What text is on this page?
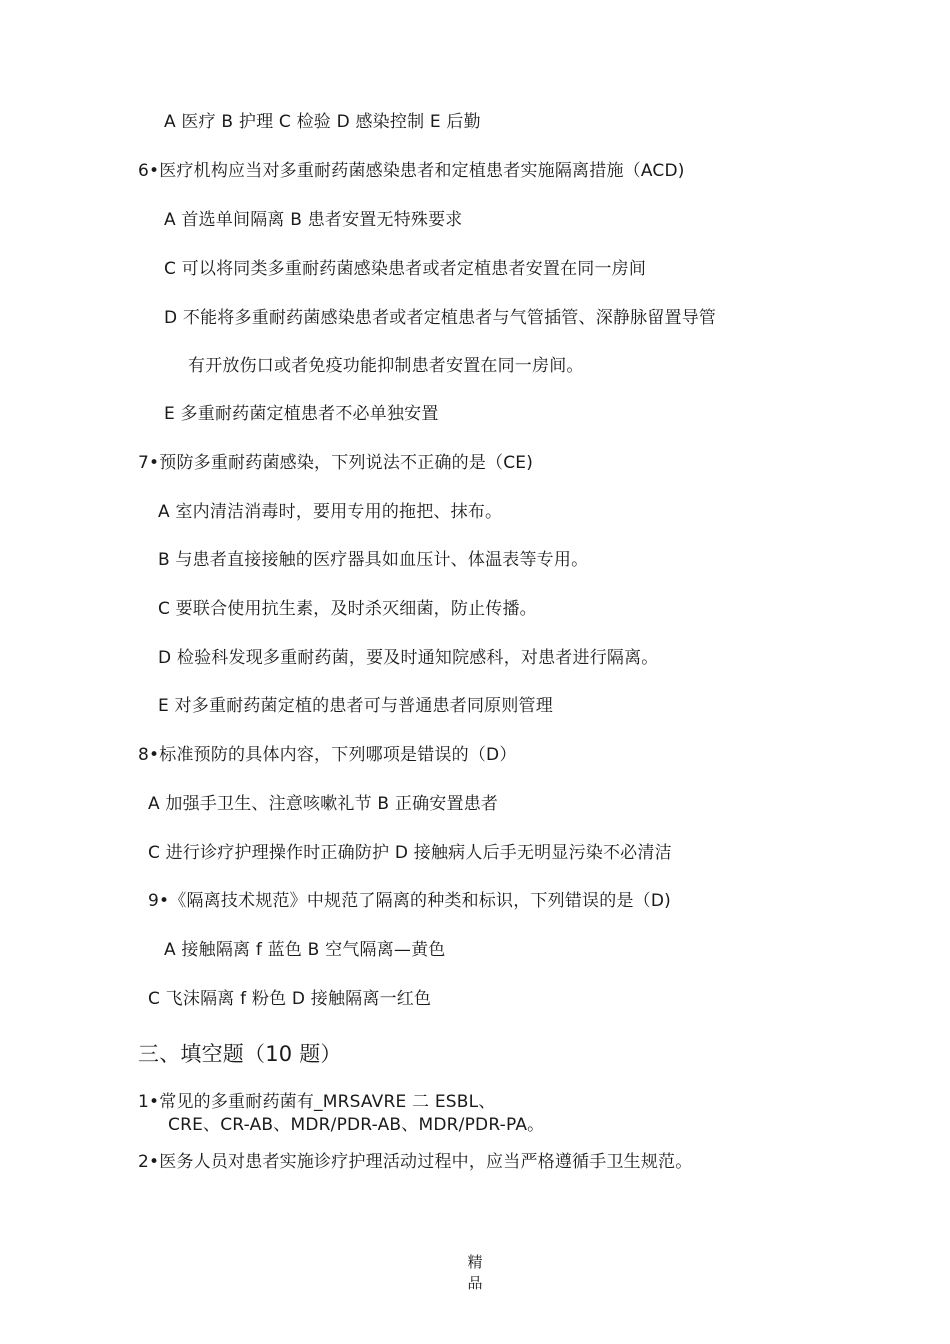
A 医疗 B 护理 C 检验 D 感染控制 E 后勤
6•医疗机构应当对多重耐药菌感染患者和定植患者实施隔离措施（ACD)
A 首选单间隔离 B 患者安置无特殊要求
C 可以将同类多重耐药菌感染患者或者定植患者安置在同一房间
D 不能将多重耐药菌感染患者或者定植患者与气管插管、深静脉留置导管
有开放伤口或者免疫功能抑制患者安置在同一房间。
E 多重耐药菌定植患者不必单独安置
7•预防多重耐药菌感染，下列说法不正确的是（CE)
A 室内清洁消毒时，要用专用的拖把、抹布。
B 与患者直接接触的医疗器具如血压计、体温表等专用。
C 要联合使用抗生素，及时杀灭细菌，防止传播。
D 检验科发现多重耐药菌，要及时通知院感科，对患者进行隔离。
E 对多重耐药菌定植的患者可与普通患者同原则管理
8•标准预防的具体内容，下列哪项是错误的（D）
A 加强手卫生、注意咳嗽礼节 B 正确安置患者
C 进行诊疗护理操作时正确防护 D 接触病人后手无明显污染不必清洁
9•《隔离技术规范》中规范了隔离的种类和标识，下列错误的是（D)
A 接触隔离 f 蓝色 B 空气隔离—黄色
C 飞沫隔离 f 粉色 D 接触隔离一红色
三、填空题（10 题）
1•常见的多重耐药菌有_MRSAVRE 二 ESBL、
CRE、CR-AB、MDR/PDR-AB、MDR/PDR-PA。
2•医务人员对患者实施诊疗护理活动过程中，应当严格遵循手卫生规范。
精品
